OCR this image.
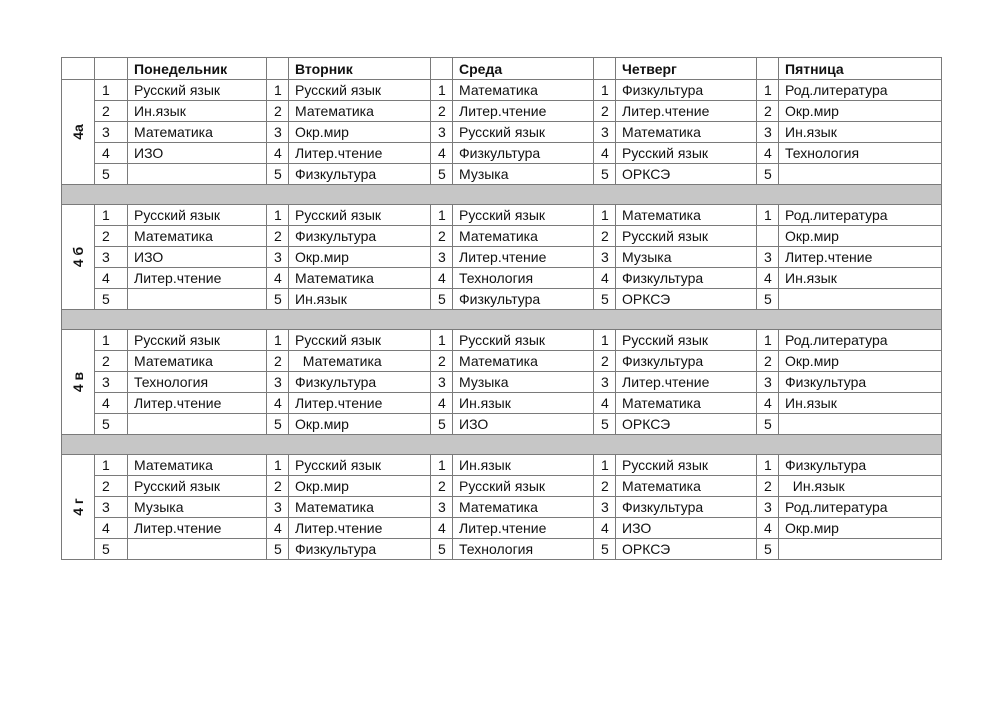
		Понедельник		Вторник		Среда		Четверг		Пятница
4а	1	Русский язык	1	Русский язык	1	Математика	1	Физкультура	1	Род.литература
	2	Ин.язык	2	Математика	2	Литер.чтение	2	Литер.чтение	2	Окр.мир
	3	Математика	3	Окр.мир	3	Русский язык	3	Математика	3	Ин.язык
	4	ИЗО	4	Литер.чтение	4	Физкультура	4	Русский язык	4	Технология
	5		5	Физкультура	5	Музыка	5	ОРКСЭ	5	

4 б	1	Русский язык	1	Русский язык	1	Русский язык	1	Математика	1	Род.литература
	2	Математика	2	Физкультура	2	Математика	2	Русский язык		Окр.мир
	3	ИЗО	3	Окр.мир	3	Литер.чтение	3	Музыка	3	Литер.чтение
	4	Литер.чтение	4	Математика	4	Технология	4	Физкультура	4	Ин.язык
	5		5	Ин.язык	5	Физкультура	5	ОРКСЭ	5	

4 в	1	Русский язык	1	Русский язык	1	Русский язык	1	Русский язык	1	Род.литература
	2	Математика	2	Математика	2	Математика	2	Физкультура	2	Окр.мир
	3	Технология	3	Физкультура	3	Музыка	3	Литер.чтение	3	Физкультура
	4	Литер.чтение	4	Литер.чтение	4	Ин.язык	4	Математика	4	Ин.язык
	5		5	Окр.мир	5	ИЗО	5	ОРКСЭ	5	

4 г	1	Математика	1	Русский язык	1	Ин.язык	1	Русский язык	1	Физкультура
	2	Русский язык	2	Окр.мир	2	Русский язык	2	Математика	2	Ин.язык
	3	Музыка	3	Математика	3	Математика	3	Физкультура	3	Род.литература
	4	Литер.чтение	4	Литер.чтение	4	Литер.чтение	4	ИЗО	4	Окр.мир
	5		5	Физкультура	5	Технология	5	ОРКСЭ	5	
